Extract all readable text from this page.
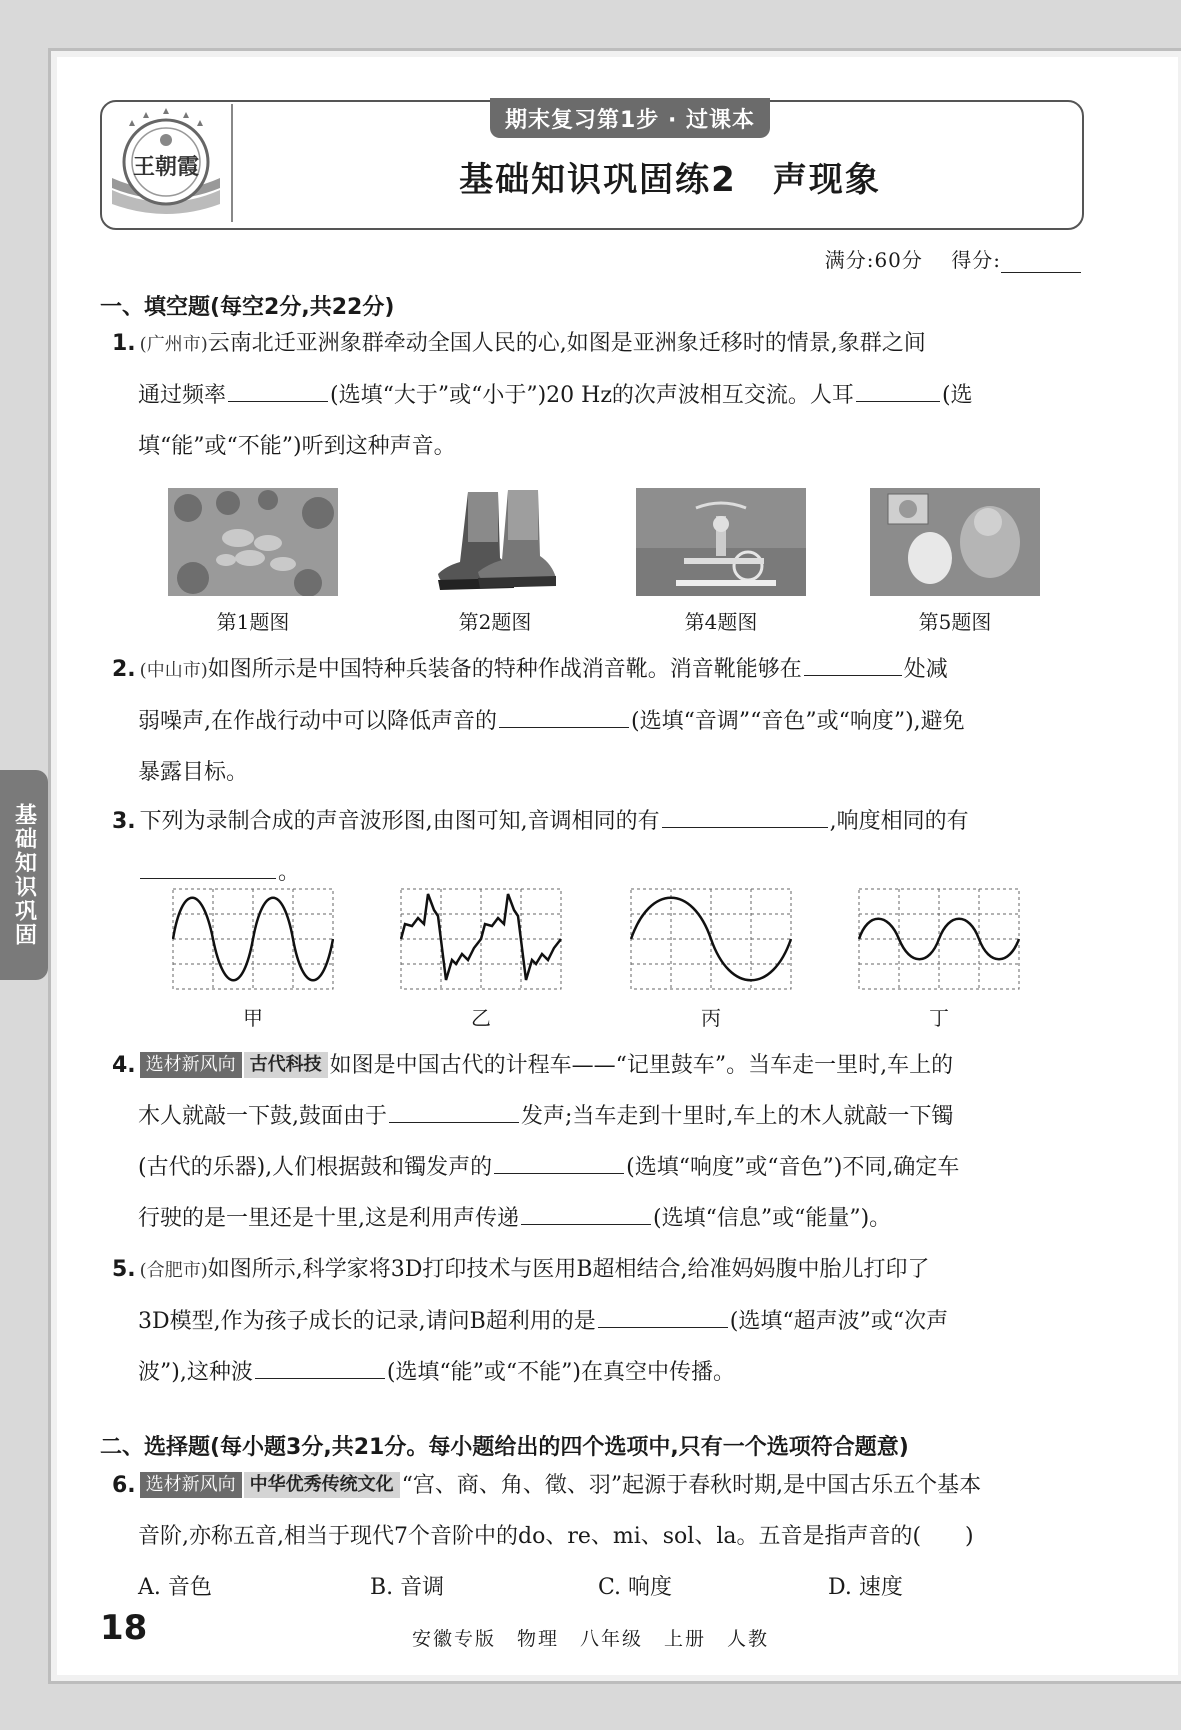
基础知识巩固
王朝霞
期末复习第1步 · 过课本
基础知识巩固练2　声现象
满分:60分　 得分:
一、填空题(每空2分,共22分)
1. (广州市)云南北迁亚洲象群牵动全国人民的心,如图是亚洲象迁移时的情景,象群之间
通过频率	(选填“大于”或“小于”)20 Hz的次声波相互交流。人耳	(选
填“能”或“不能”)听到这种声音。
第1题图	第2题图	第4题图	第5题图
2. (中山市)如图所示是中国特种兵装备的特种作战消音靴。消音靴能够在	处减
弱噪声,在作战行动中可以降低声音的	(选填“音调”“音色”或“响度”),避免
暴露目标。
3. 下列为录制合成的声音波形图,由图可知,音调相同的有	,响度相同的有
。
甲	乙	丙	丁
4. 选材新风向 古代科技 如图是中国古代的计程车——“记里鼓车”。当车走一里时,车上的
木人就敲一下鼓,鼓面由于	发声;当车走到十里时,车上的木人就敲一下镯
(古代的乐器),人们根据鼓和镯发声的	(选填“响度”或“音色”)不同,确定车
行驶的是一里还是十里,这是利用声传递	(选填“信息”或“能量”)。
5. (合肥市)如图所示,科学家将3D打印技术与医用B超相结合,给准妈妈腹中胎儿打印了
3D模型,作为孩子成长的记录,请问B超利用的是	(选填“超声波”或“次声
波”),这种波	(选填“能”或“不能”)在真空中传播。
二、选择题(每小题3分,共21分。每小题给出的四个选项中,只有一个选项符合题意)
6. 选材新风向 中华优秀传统文化 “宫、商、角、徵、羽”起源于春秋时期,是中国古乐五个基本
音阶,亦称五音,相当于现代7个音阶中的do、re、mi、sol、la。五音是指声音的(　　)
A. 音色	B. 音调	C. 响度	D. 速度
18	安徽专版　物理　八年级　上册　人教
